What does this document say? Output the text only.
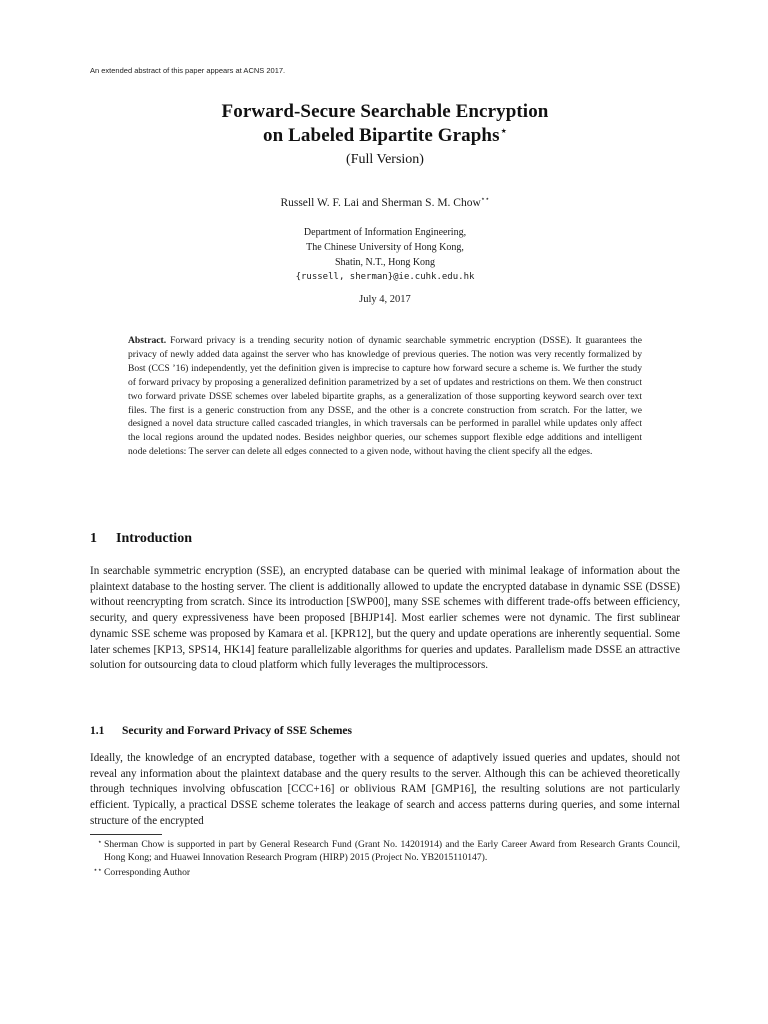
An extended abstract of this paper appears at ACNS 2017.
Forward-Secure Searchable Encryption
on Labeled Bipartite Graphs⋆
(Full Version)
Russell W. F. Lai and Sherman S. M. Chow⋆⋆
Department of Information Engineering,
The Chinese University of Hong Kong,
Shatin, N.T., Hong Kong
{russell, sherman}@ie.cuhk.edu.hk
July 4, 2017
Abstract. Forward privacy is a trending security notion of dynamic searchable symmetric encryption (DSSE). It guarantees the privacy of newly added data against the server who has knowledge of previous queries. The notion was very recently formalized by Bost (CCS ’16) independently, yet the definition given is imprecise to capture how forward secure a scheme is. We further the study of forward privacy by proposing a generalized definition parametrized by a set of updates and restrictions on them. We then construct two forward private DSSE schemes over labeled bipartite graphs, as a generalization of those supporting keyword search over text files. The first is a generic construction from any DSSE, and the other is a concrete construction from scratch. For the latter, we designed a novel data structure called cascaded triangles, in which traversals can be performed in parallel while updates only affect the local regions around the updated nodes. Besides neighbor queries, our schemes support flexible edge additions and intelligent node deletions: The server can delete all edges connected to a given node, without having the client specify all the edges.
1 Introduction
In searchable symmetric encryption (SSE), an encrypted database can be queried with minimal leakage of information about the plaintext database to the hosting server. The client is additionally allowed to update the encrypted database in dynamic SSE (DSSE) without reencrypting from scratch. Since its introduction [SWP00], many SSE schemes with different trade-offs between efficiency, security, and query expressiveness have been proposed [BHJP14]. Most earlier schemes were not dynamic. The first sublinear dynamic SSE scheme was proposed by Kamara et al. [KPR12], but the query and update operations are inherently sequential. Some later schemes [KP13, SPS14, HK14] feature parallelizable algorithms for queries and updates. Parallelism made DSSE an attractive solution for outsourcing data to cloud platform which fully leverages the multiprocessors.
1.1 Security and Forward Privacy of SSE Schemes
Ideally, the knowledge of an encrypted database, together with a sequence of adaptively issued queries and updates, should not reveal any information about the plaintext database and the query results to the server. Although this can be achieved theoretically through techniques involving obfuscation [CCC+16] or oblivious RAM [GMP16], the resulting solutions are not particularly efficient. Typically, a practical DSSE scheme tolerates the leakage of search and access patterns during queries, and some internal structure of the encrypted
⋆ Sherman Chow is supported in part by General Research Fund (Grant No. 14201914) and the Early Career Award from Research Grants Council, Hong Kong; and Huawei Innovation Research Program (HIRP) 2015 (Project No. YB2015110147).
⋆⋆ Corresponding Author
